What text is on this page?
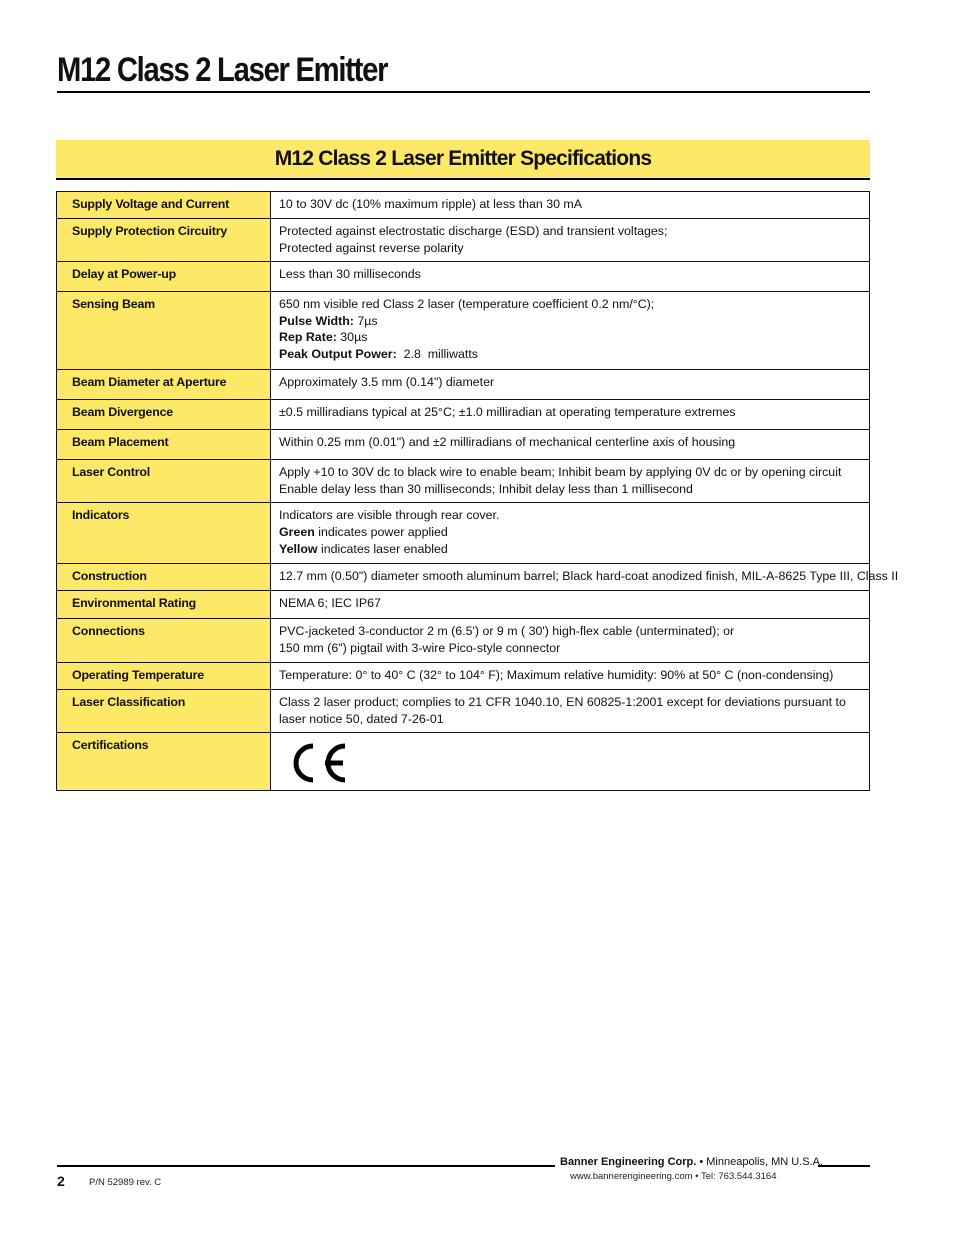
M12 Class 2 Laser Emitter
M12 Class 2 Laser Emitter Specifications
Supply Voltage and Current	10 to 30V dc (10% maximum ripple) at less than 30 mA

Supply Protection Circuitry	Protected against electrostatic discharge (ESD) and transient voltages;
Protected against reverse polarity

Delay at Power-up	Less than 30 milliseconds

Sensing Beam	650 nm visible red Class 2 laser (temperature coefficient 0.2 nm/°C);
Pulse Width: 7µs
Rep Rate: 30µs
Peak Output Power:  2.8  milliwatts

Beam Diameter at Aperture	Approximately 3.5 mm (0.14") diameter

Beam Divergence	±0.5 milliradians typical at 25°C; ±1.0 milliradian at operating temperature extremes

Beam Placement	Within 0.25 mm (0.01") and ±2 milliradians of mechanical centerline axis of housing

Laser Control	Apply +10 to 30V dc to black wire to enable beam; Inhibit beam by applying 0V dc or by opening circuit
Enable delay less than 30 milliseconds; Inhibit delay less than 1 millisecond

Indicators	Indicators are visible through rear cover.
Green indicates power applied
Yellow indicates laser enabled

Construction	12.7 mm (0.50") diameter smooth aluminum barrel; Black hard-coat anodized finish, MIL-A-8625 Type III, Class II

Environmental Rating	NEMA 6; IEC IP67

Connections	PVC-jacketed 3-conductor 2 m (6.5') or 9 m ( 30') high-flex cable (unterminated); or
150 mm (6") pigtail with 3-wire Pico-style connector

Operating Temperature	Temperature: 0° to 40° C (32° to 104° F); Maximum relative humidity: 90% at 50° C (non-condensing)

Laser Classification	Class 2 laser product; complies to 21 CFR 1040.10, EN 60825-1:2001 except for deviations pursuant to
laser notice 50, dated 7-26-01

Certifications	
Banner Engineering Corp. • Minneapolis, MN U.S.A.
www.bannerengineering.com • Tel: 763.544.3164
2	P/N 52989 rev. C
